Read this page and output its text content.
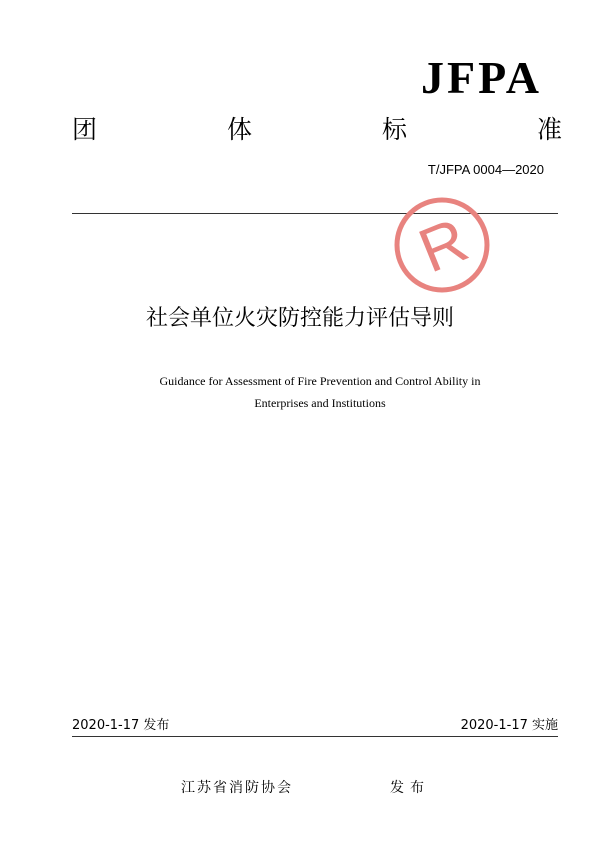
JFPA
团	体	标	准
T/JFPA 0004—2020
R
社会单位火灾防控能力评估导则
Guidance for Assessment of Fire Prevention and Control Ability in
Enterprises and Institutions
2020-1-17 发布	2020-1-17 实施
江苏省消防协会	发布
